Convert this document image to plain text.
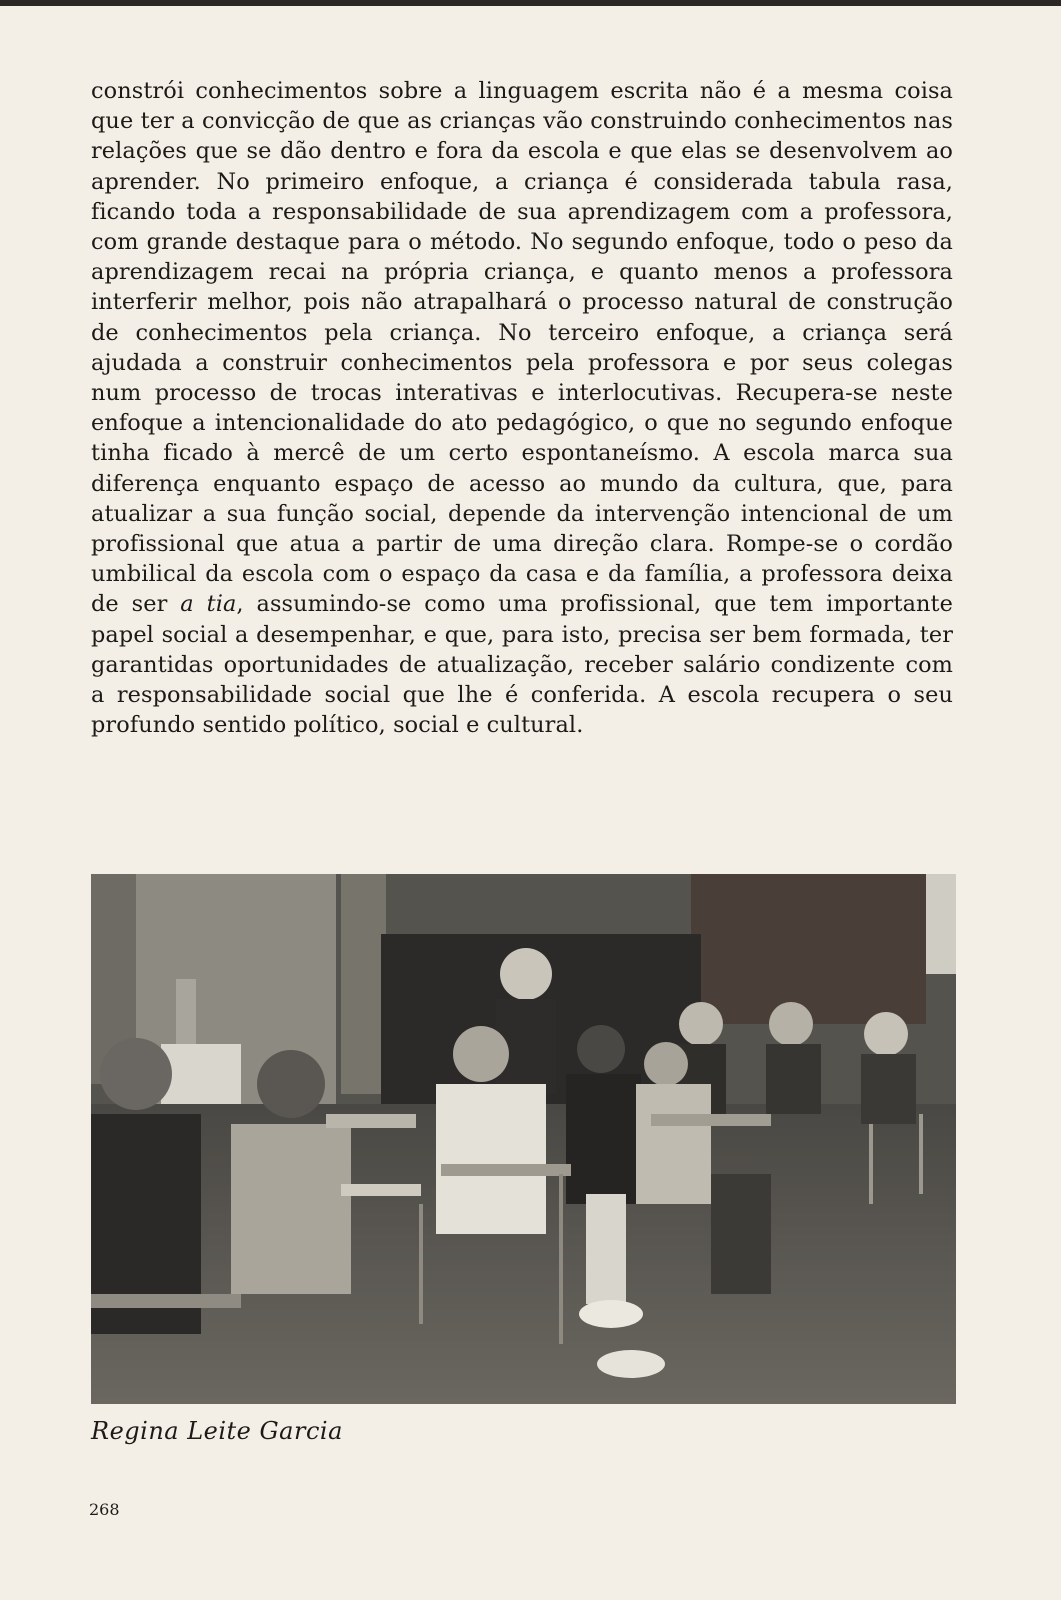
constrói conhecimentos sobre a linguagem escrita não é a mesma coisa que ter a convicção de que as crianças vão construindo conhecimentos nas relações que se dão dentro e fora da escola e que elas se desenvolvem ao aprender. No primeiro enfoque, a criança é considerada tabula rasa, ficando toda a responsabilidade de sua aprendizagem com a professora, com grande destaque para o método. No segundo enfoque, todo o peso da aprendizagem recai na própria criança, e quanto menos a professora interferir melhor, pois não atrapalhará o processo natural de construção de conhecimentos pela criança. No terceiro enfoque, a criança será ajudada a construir conhecimentos pela professora e por seus colegas num processo de trocas interativas e interlocutivas. Recupera-se neste enfoque a intencionalidade do ato pedagógico, o que no segundo enfoque tinha ficado à mercê de um certo espontaneísmo. A escola marca sua diferença enquanto espaço de acesso ao mundo da cultura, que, para atualizar a sua função social, depende da intervenção intencional de um profissional que atua a partir de uma direção clara. Rompe-se o cordão umbilical da escola com o espaço da casa e da família, a professora deixa de ser a tia, assumindo-se como uma profissional, que tem importante papel social a desempenhar, e que, para isto, precisa ser bem formada, ter garantidas oportunidades de atualização, receber salário condizente com a responsabilidade social que lhe é conferida. A escola recupera o seu profundo sentido político, social e cultural.

Regina Leite Garcia
268
